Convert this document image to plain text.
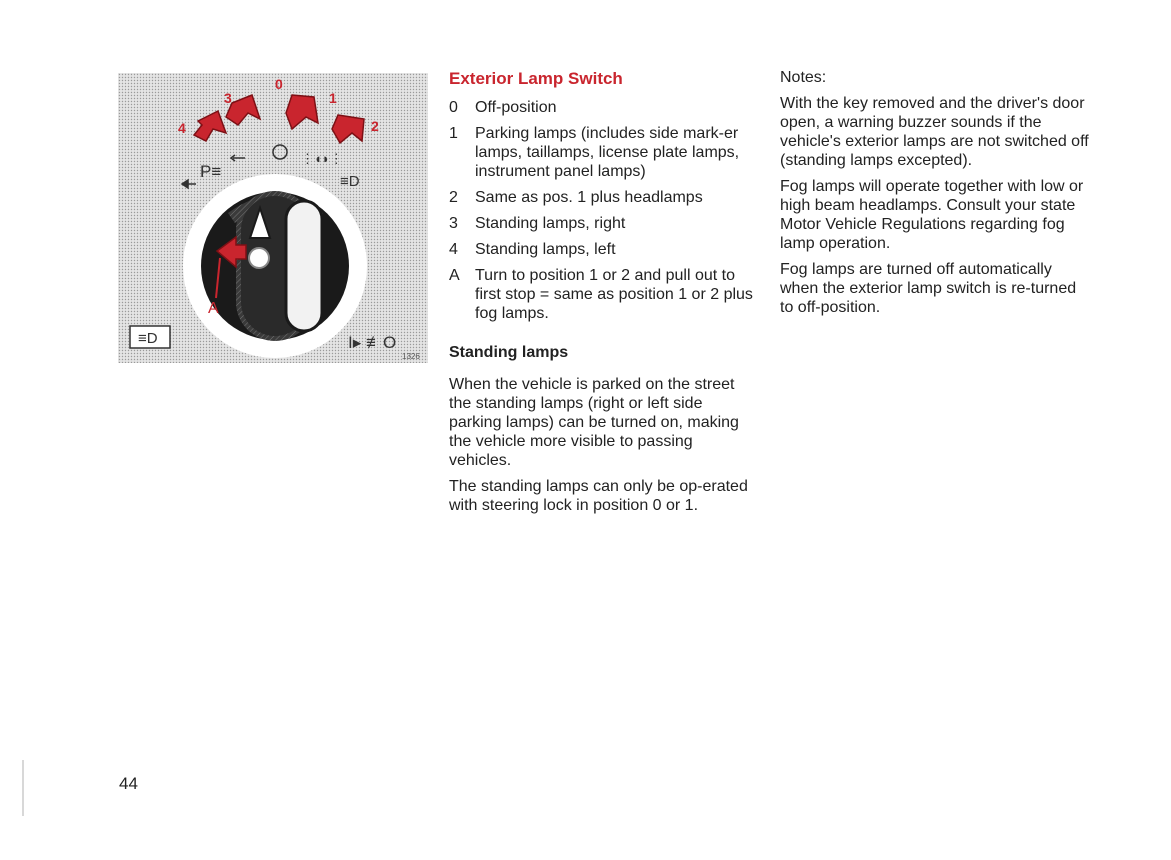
A
0
1
2
3
4
P≡
⋮◖◗⋮
≡D
≡D	I▸ ≢O
1326
Exterior Lamp Switch
0	Off-position
1	Parking lamps (includes side mark-er lamps, taillamps, license plate lamps, instrument panel lamps)
2	Same as pos. 1 plus headlamps
3	Standing lamps, right
4	Standing lamps, left
A Turn to position 1 or 2 and pull out to first stop = same as position 1 or 2 plus fog lamps.
Standing lamps

When the vehicle is parked on the street the standing lamps (right or left side parking lamps) can be turned on, making the vehicle more visible to passing vehicles.

The standing lamps can only be op-erated with steering lock in position 0 or 1.

Notes:

With the key removed and the driver's door open, a warning buzzer sounds if the vehicle's exterior lamps are not switched off (standing lamps excepted).

Fog lamps will operate together with low or high beam headlamps. Consult your state Motor Vehicle Regulations regarding fog lamp operation.

Fog lamps are turned off automatically when the exterior lamp switch is re-turned to off-position.

44
